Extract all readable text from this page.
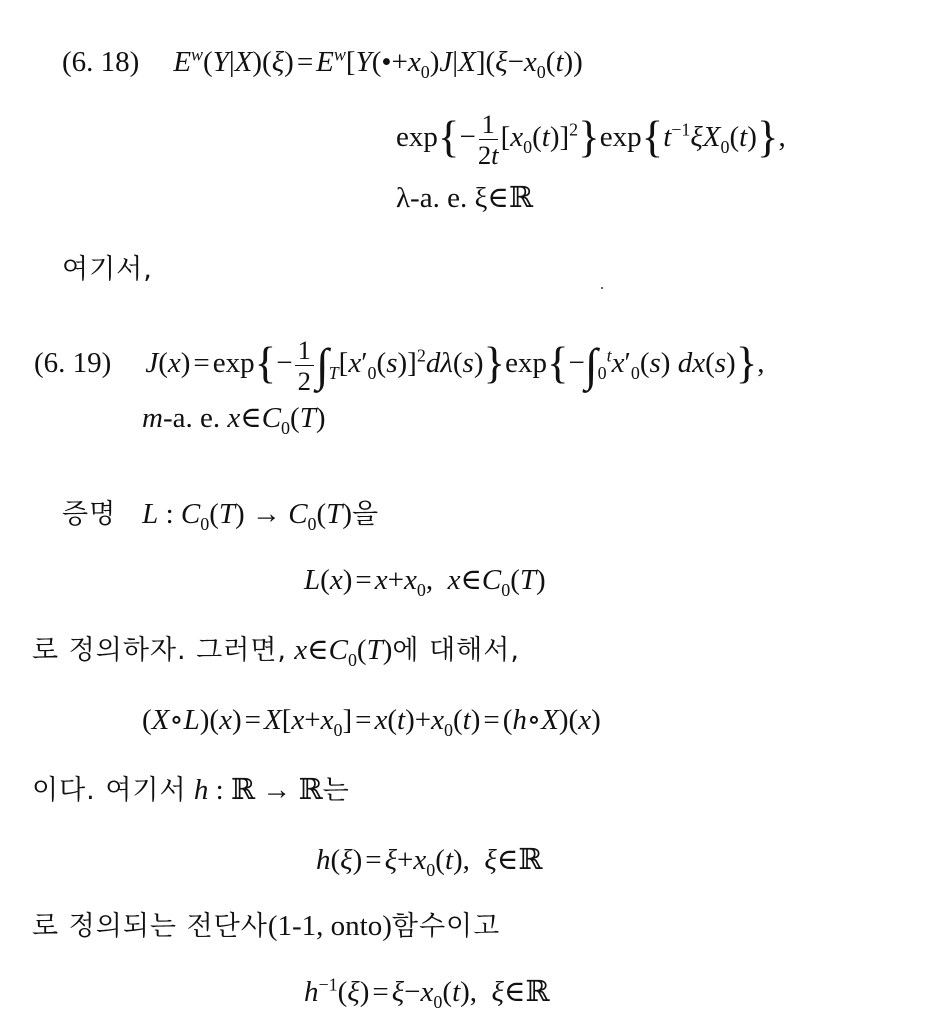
(6. 18) $E^w(Y|X)(\xi)$ = $E^w[Y(•+x_0)J|X](\xi-x_0(t))$
$\exp\{- \frac{1}{2t} [x_0(t)]^2\}\exp\{t^{-1}\xi X_0(t)\}$,
λ-a. e. ξ∈ℝ
여기서,
(6. 19) $J(x) = \exp\{- \frac{1}{2} \int_T[x'_0(s)]^2d\lambda(s)\}\exp\{-\int_0^tx'_0(s)$ dx(s)},
m-a. e. $x\in C_0(T)$
증명 L : $C_0(T) \to C_0(T)$을
$L(x) = x+x_0$,  $x\in C_0(T)$
로 정의하자. 그러면, $x\in C_0(T)$에 대해서,
(X∘L)(x) = $X[x+x_0] = x(t)+x_0(t)$ = (h∘X)(x)
이다. 여기서 h : ℝ → ℝ는
$h(\xi) = \xi+x_0(t)$,  ξ∈ℝ
로 정의되는 전단사(1-1, onto)함수이고
$h^{-1}(\xi) = \xi-x_0(t)$,  ξ∈ℝ
